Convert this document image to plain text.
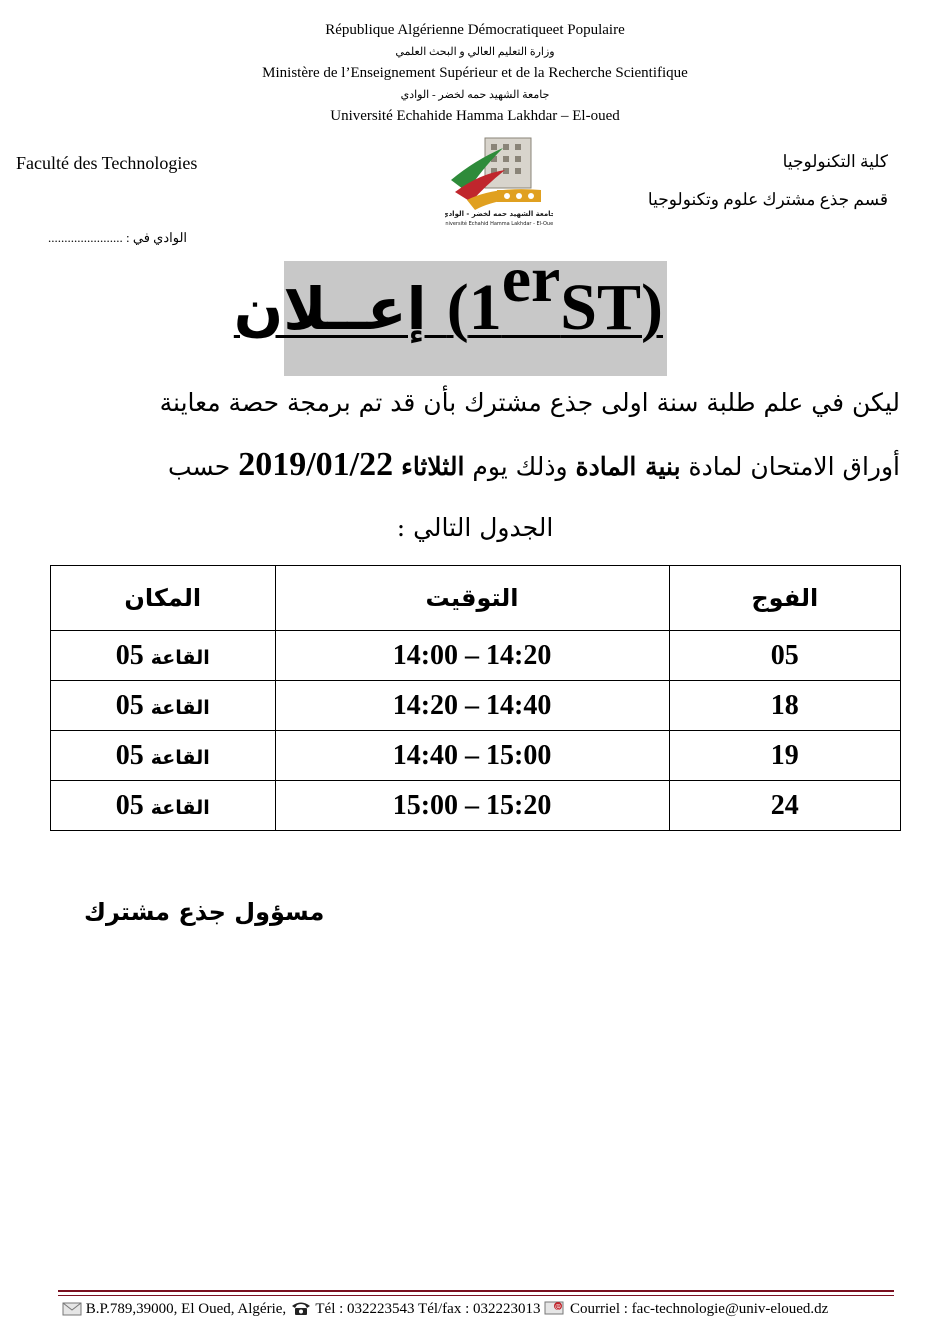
République Algérienne Démocratiqueet Populaire
وزارة التعليم العالي و البحث العلمي
Ministère de l’Enseignement Supérieur et de la Recherche Scientifique
جامعة الشهيد حمه لخضر - الوادي
Université Echahide Hamma Lakhdar – El-oued
Faculté des Technologies	كلية التكنولوجيا
قسم جذع مشترك علوم وتكنولوجيا
جامعة الشهيد حمه لخضر - الوادي
Université Echahid Hamma Lakhdar - El-Oued
الوادي في : .......................
إعــلان (1erST)
ليكن في علم طلبة سنة اولى جذع مشترك بأن قد تم برمجة حصة معاينة
أوراق الامتحان لمادة بنية المادة وذلك يوم الثلاثاء 2019/01/22 حسب
الجدول التالي :
الفوج	التوقيت	المكان
05	14:00 – 14:20	القاعة 05
18	14:20 – 14:40	القاعة 05
19	14:40 – 15:00	القاعة 05
24	15:00 – 15:20	القاعة 05
مسؤول جذع مشترك
B.P.789,39000, El Oued, Algérie, Tél : 032223543 Tél/fax : 032223013 @ Courriel : fac-technologie@univ-eloued.dz
